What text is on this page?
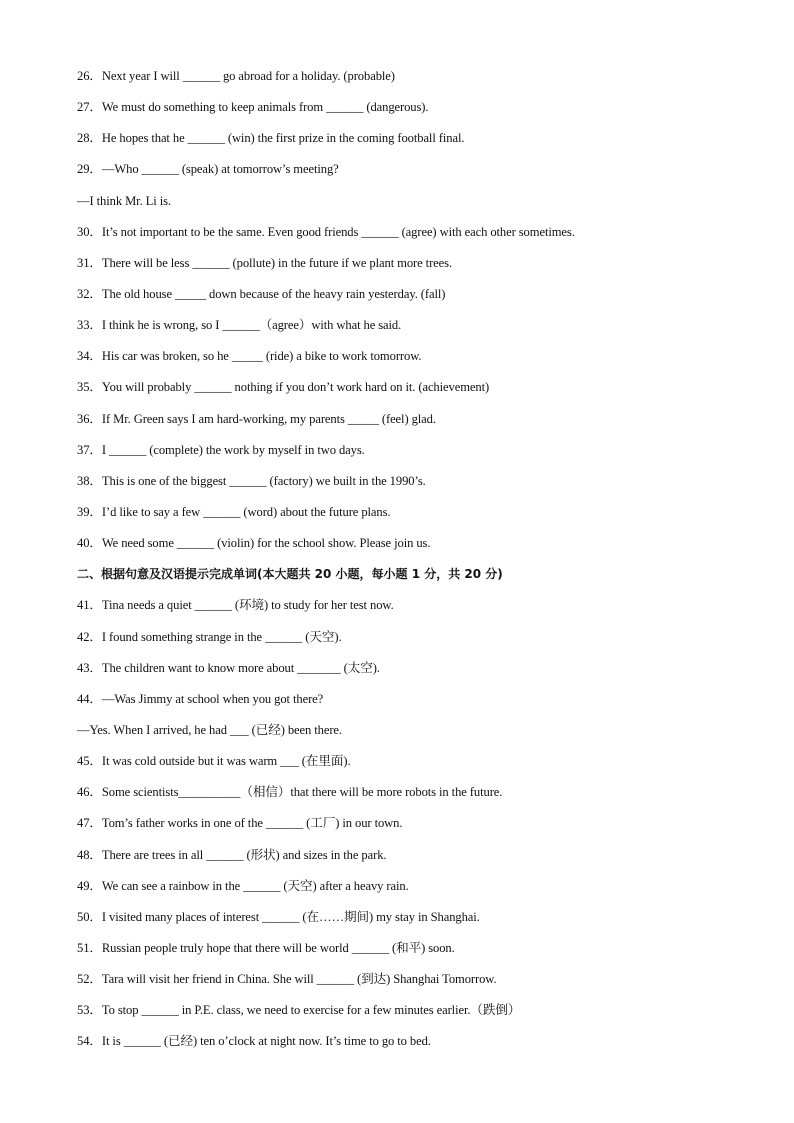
26．Next year I will ______ go abroad for a holiday. (probable)
27．We must do something to keep animals from ______ (dangerous).
28．He hopes that he ______ (win) the first prize in the coming football final.
29．—Who ______ (speak) at tomorrow’s meeting?
—I think Mr. Li is.
30．It’s not important to be the same. Even good friends ______ (agree) with each other sometimes.
31．There will be less ______ (pollute) in the future if we plant more trees.
32．The old house _____ down because of the heavy rain yesterday. (fall)
33．I think he is wrong, so I ______（agree）with what he said.
34．His car was broken, so he _____ (ride) a bike to work tomorrow.
35．You will probably ______ nothing if you don’t work hard on it. (achievement)
36．If Mr. Green says I am hard-working, my parents _____ (feel) glad.
37．I ______ (complete) the work by myself in two days.
38．This is one of the biggest ______ (factory) we built in the 1990’s.
39．I’d like to say a few ______ (word) about the future plans.
40．We need some ______ (violin) for the school show. Please join us.
二、根据句意及汉语提示完成单词(本大题共 20 小题，每小题 1 分，共 20 分)
41．Tina needs a quiet ______ (环境) to study for her test now.
42．I found something strange in the ______ (天空).
43．The children want to know more about _______ (太空).
44．—Was Jimmy at school when you got there?
—Yes. When I arrived, he had ___ (已经) been there.
45．It was cold outside but it was warm ___ (在里面).
46．Some scientists__________（相信）that there will be more robots in the future.
47．Tom’s father works in one of the ______ (工厂) in our town.
48．There are trees in all ______ (形状) and sizes in the park.
49．We can see a rainbow in the ______ (天空) after a heavy rain.
50．I visited many places of interest ______ (在……期间) my stay in Shanghai.
51．Russian people truly hope that there will be world ______ (和平) soon.
52．Tara will visit her friend in China. She will ______ (到达) Shanghai Tomorrow.
53．To stop ______ in P.E. class, we need to exercise for a few minutes earlier.（跌倒）
54．It is ______ (已经) ten o’clock at night now. It’s time to go to bed.
